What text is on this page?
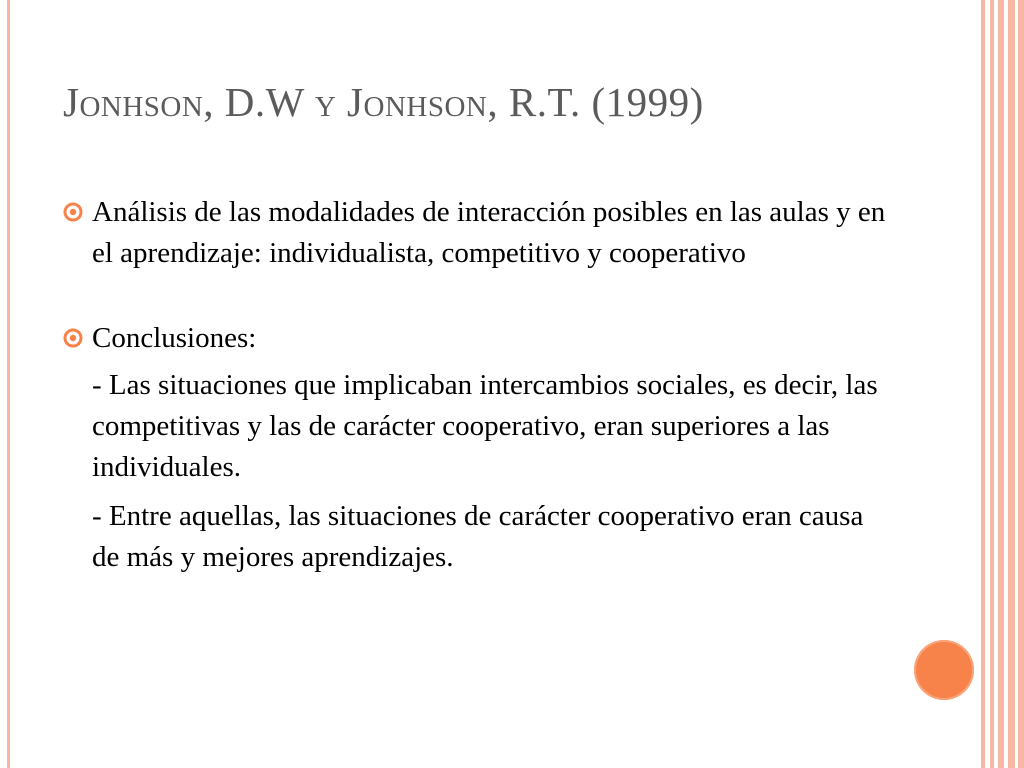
Jonhson, D.W y Jonhson, R.T. (1999)
Análisis de las modalidades de interacción posibles en las aulas y en el aprendizaje: individualista, competitivo y cooperativo
Conclusiones:
- Las situaciones que implicaban intercambios sociales, es decir, las competitivas y las de carácter cooperativo, eran superiores a las individuales.
- Entre aquellas, las situaciones de carácter cooperativo eran causa de más y mejores aprendizajes.
